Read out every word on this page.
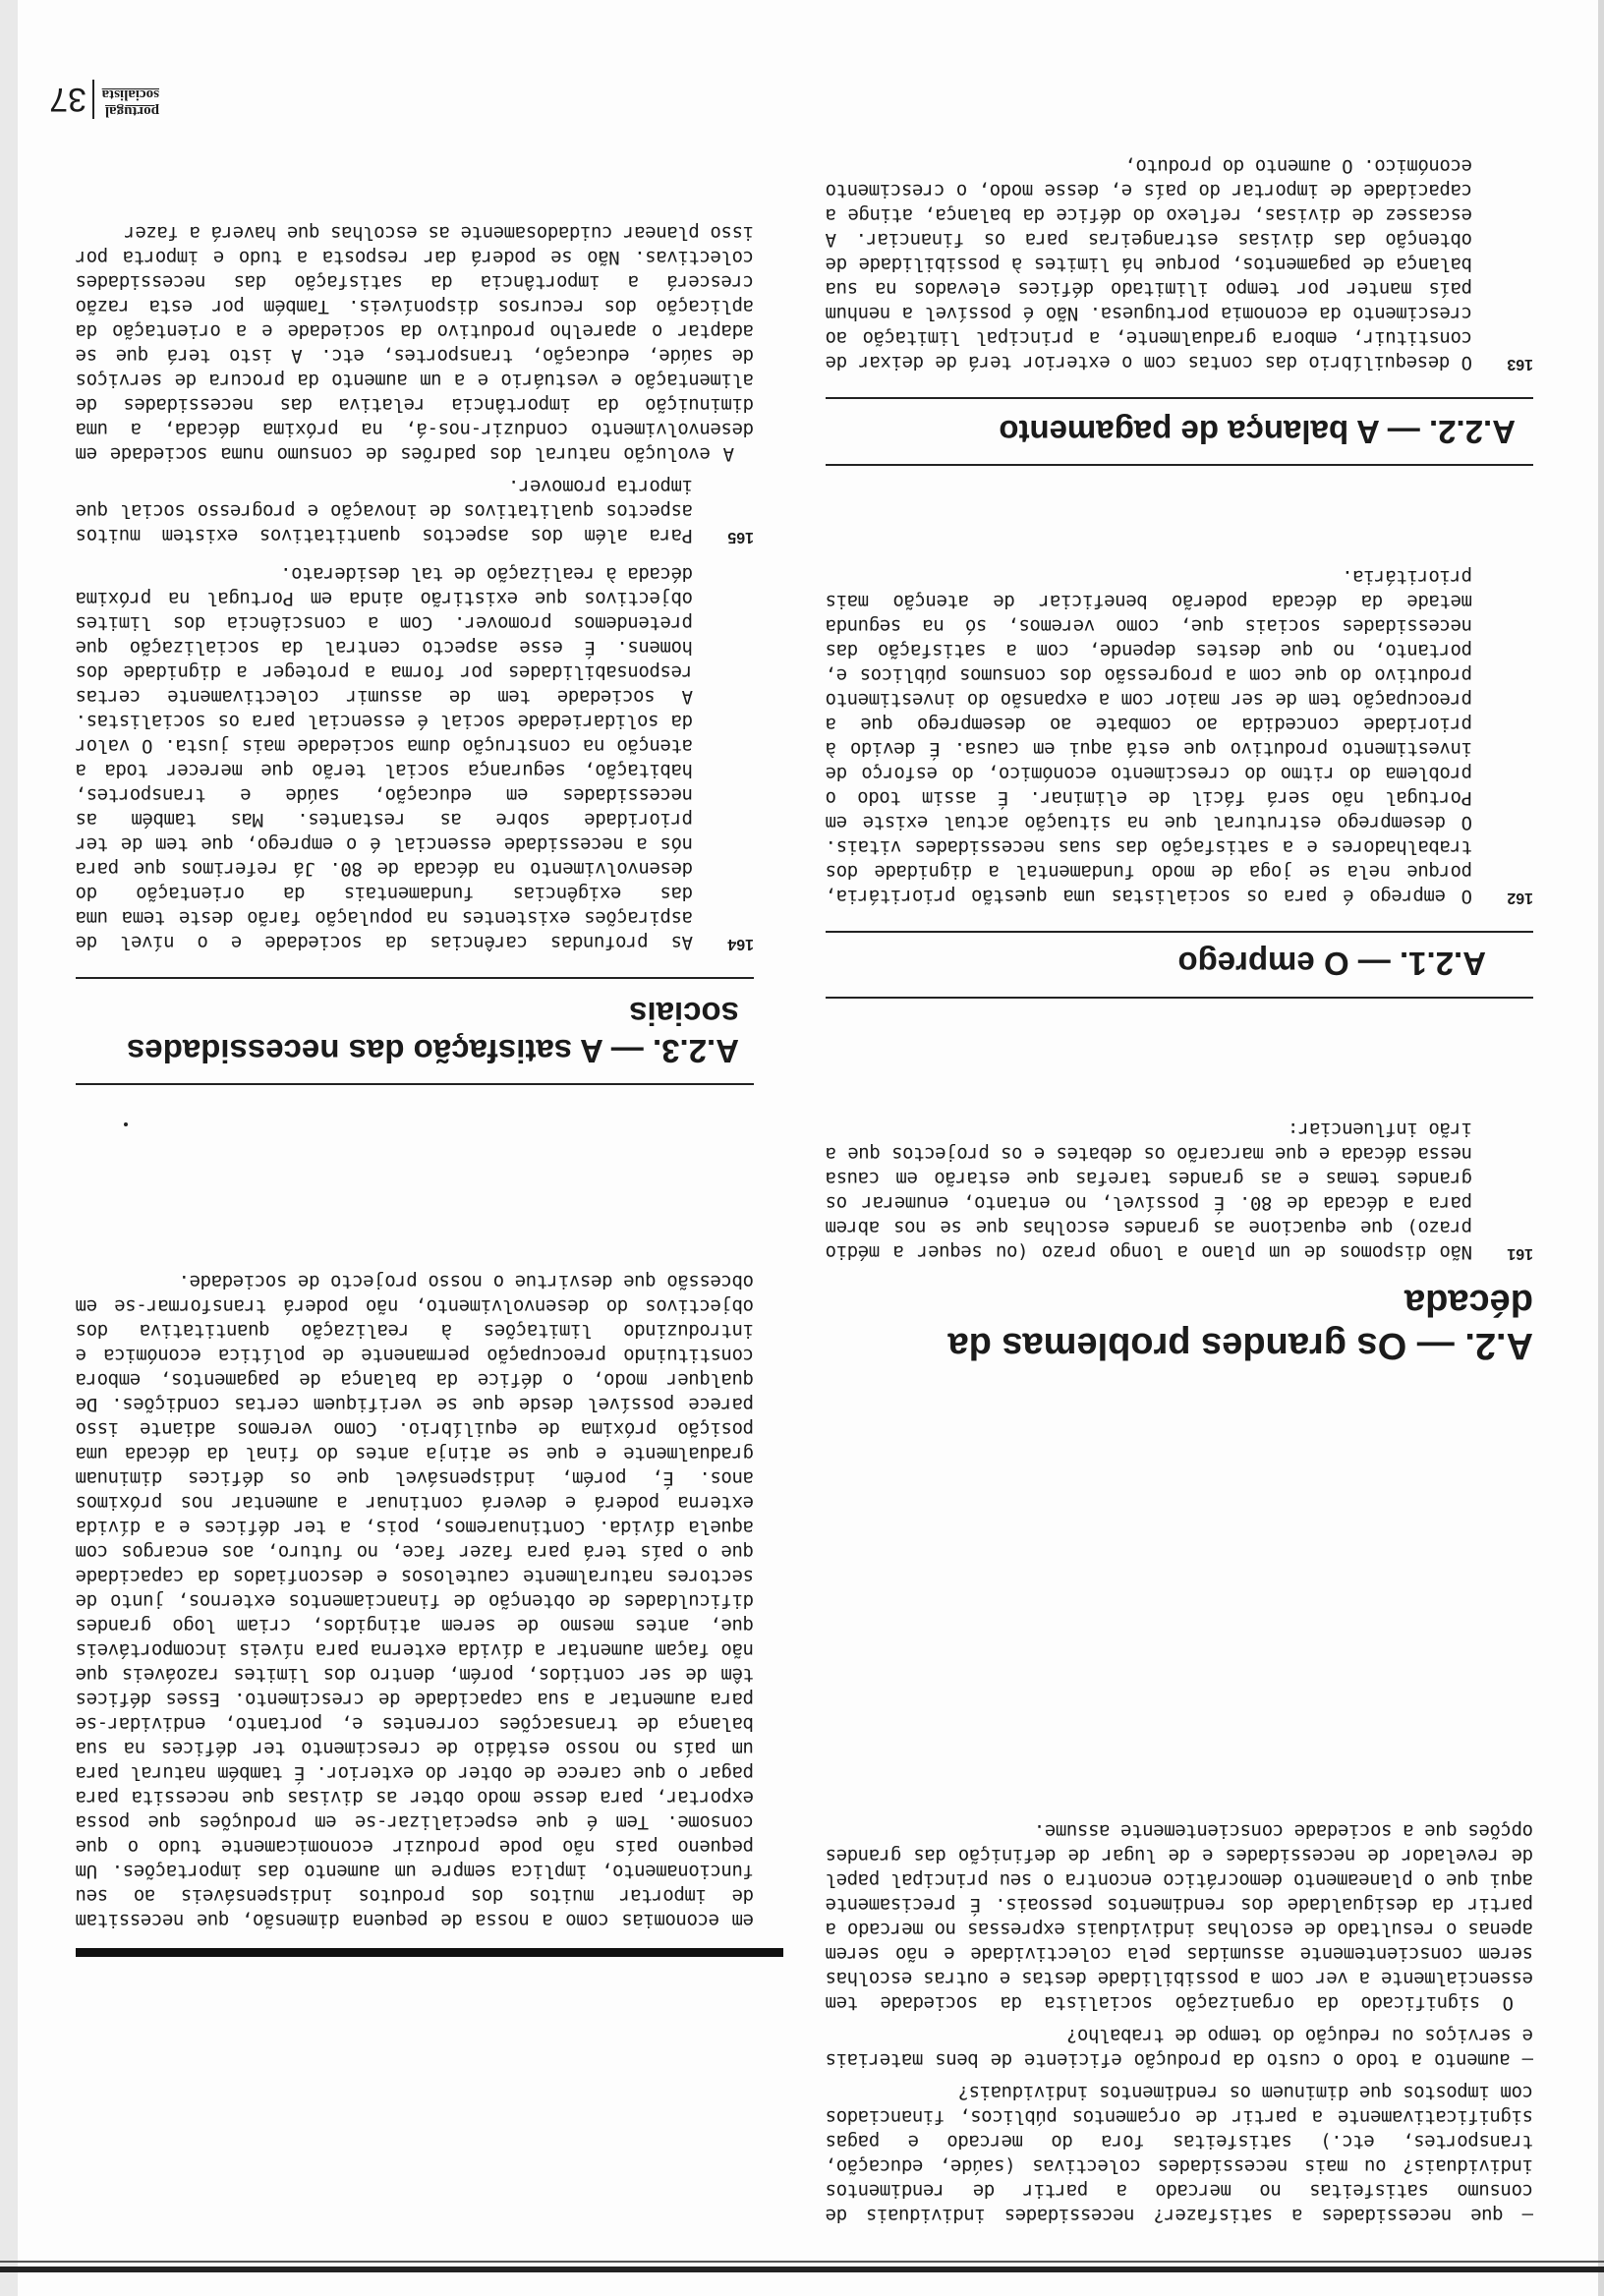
— que necessidades a satisfazer? necessidades individuais de consumo satisfeitas no mercado a partir de rendimentos individuais? ou mais necessidades colectivas (saúde, educação, transportes, etc.) satisfeitas fora do mercado e pagas significativamente a partir de orçamentos públicos, financiados com impostos que diminuem os rendimentos individuais?

— aumento a todo o custo da produção eficiente de bens materiais e serviços ou redução do tempo de trabalho?

O significado da organização socialista da sociedade tem essencialmente a ver com a possibilidade destas e outras escolhas serem conscientemente assumidas pela colectividade e não serem apenas o resultado de escolhas individuais expressas no mercado a partir da desigualdade dos rendimentos pessoais. É precisamente aqui que o planeamento democrático encontra o seu principal papel de revelador de necessidades e de lugar de definição das grandes opções que a sociedade conscientemente assume.

A.2. — Os grandes problemas da década
161

Não dispomos de um plano a longo prazo (ou sequer a médio prazo) que equacione as grandes escolhas que se nos abrem para a década de 80. É possível, no entanto, enumerar os grandes temas e as grandes tarefas que estarão em causa nessa década e que marcarão os debates e os projectos que a irão influenciar:

A.2.1. — O emprego
162

O emprego é para os socialistas uma questão prioritária, porque nela se joga de modo fundamental a dignidade dos trabalhadores e a satisfação das suas necessidades vitais. O desemprego estrutural que na situação actual existe em Portugal não será fácil de eliminar. É assim todo o problema do ritmo do crescimento económico, do esforço de investimento produtivo que está aqui em causa. É devido à prioridade concedida ao combate ao desemprego que a preocupação tem de ser maior com a expansão do investimento produtivo do que com a progressão dos consumos públicos e, portanto, no que destes depende, com a satisfação das necessidades sociais que, como veremos, só na segunda metade da década poderão beneficiar de atenção mais prioritária.

A.2.2. — A balança de pagamento
163

O desequilíbrio das contas com o exterior terá de deixar de constituir, embora gradualmente, a principal limitação ao crescimento da economia portuguesa. Não é possível a nenhum país manter por tempo ilimitado défices elevados na sua balança de pagamentos, porque há limites à possibilidade de obtenção das divisas estrangeiras para os financiar. A escassez de divisas, reflexo do défice da balança, atinge a capacidade de importar do país e, desse modo, o crescimento económico. O aumento do produto,

em economias como a nossa de pequena dimensão, que necessitam de importar muitos dos produtos indispensáveis ao seu funcionamento, implica sempre um aumento das importações. Um pequeno país não pode produzir economicamente tudo o que consome. Tem é que especializar-se em produções que possa exportar, para desse modo obter as divisas que necessita para pagar o que carece de obter do exterior. É também natural para um país no nosso estádio de crescimento ter défices na sua balança de transacções correntes e, portanto, endividar-se para aumentar a sua capacidade de crescimento. Esses défices têm de ser contidos, porém, dentro dos limites razoáveis que não façam aumentar a dívida externa para níveis incomportáveis que, antes mesmo de serem atingidos, criam logo grandes dificuldades de obtenção de financiamentos externos, junto de sectores naturalmente cautelosos e desconfiados da capacidade que o país terá para fazer face, no futuro, aos encargos com aquela dívida. Continuaremos, pois, a ter défices e a dívida externa poderá e deverá continuar a aumentar nos próximos anos. É, porém, indispensável que os défices diminuam gradualmente e que se atinja antes do final da década uma posição próxima de equilíbrio. Como veremos adiante isso parece possível desde que se verifiquem certas condições. De qualquer modo, o défice da balança de pagamentos, embora constituindo preocupação permanente de política económica e introduzindo limitações à realização quantitativa dos objectivos do desenvolvimento, não poderá transformar-se em obcessão que desvirtue o nosso projecto de sociedade.

A.2.3. — A satisfação das necessidades sociais
164

As profundas carências da sociedade e o nível de aspirações existentes na população farão deste tema uma das exigências fundamentais da orientação do desenvolvimento na década de 80. Já referimos que para nós a necessidade essencial é o emprego, que tem de ter prioridade sobre as restantes. Mas também as necessidades em educação, saúde e transportes, habitação, segurança social terão que merecer toda a atenção na construção duma sociedade mais justa. O valor da solidariedade social é essencial para os socialistas. A sociedade tem de assumir colectivamente certas responsabilidades por forma a proteger a dignidade dos homens. É esse aspecto central da socialização que pretendemos promover. Com a consciência dos limites objectivos que existirão ainda em Portugal na próxima década à realização de tal desiderato.

165

Para além dos aspectos quantitativos existem muitos aspectos qualitativos de inovação e progresso social que importa promover.

A evolução natural dos padrões de consumo numa sociedade em desenvolvimento conduzir-nos-á, na próxima década, a uma diminuição da importância relativa das necessidades de alimentação e vestuário e a um aumento da procura de serviços de saúde, educação, transportes, etc. A isto terá que se adaptar o aparelho produtivo da sociedade e a orientação da aplicação dos recursos disponíveis. Também por esta razão crescerá a importância da satisfação das necessidades colectivas. Não se poderá dar resposta a tudo e importa por isso planear cuidadosamente as escolhas que haverá a fazer

portugal socialista
37
